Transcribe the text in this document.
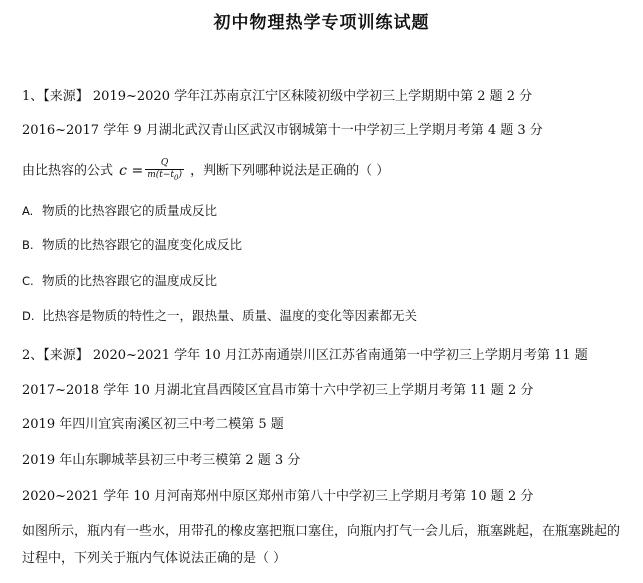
初中物理热学专项训练试题
1、【来源】 2019~2020 学年江苏南京江宁区秣陵初级中学初三上学期期中第 2 题 2 分
2016~2017 学年 9 月湖北武汉青山区武汉市钢城第十一中学初三上学期月考第 4 题 3 分
由比热容的公式 $c = \frac{Q}{m(t-t_0)}$ ，判断下列哪种说法是正确的（ ）
A. 物质的比热容跟它的质量成反比
B. 物质的比热容跟它的温度变化成反比
C. 物质的比热容跟它的温度成反比
D. 比热容是物质的特性之一，跟热量、质量、温度的变化等因素都无关
2、【来源】 2020~2021 学年 10 月江苏南通崇川区江苏省南通第一中学初三上学期月考第 11 题
2017~2018 学年 10 月湖北宜昌西陵区宜昌市第十六中学初三上学期月考第 11 题 2 分
2019 年四川宜宾南溪区初三中考二模第 5 题
2019 年山东聊城莘县初三中考三模第 2 题 3 分
2020~2021 学年 10 月河南郑州中原区郑州市第八十中学初三上学期月考第 10 题 2 分
如图所示，瓶内有一些水，用带孔的橡皮塞把瓶口塞住，向瓶内打气一会儿后，瓶塞跳起，在瓶塞跳起的过程中，下列关于瓶内气体说法正确的是（ ）
